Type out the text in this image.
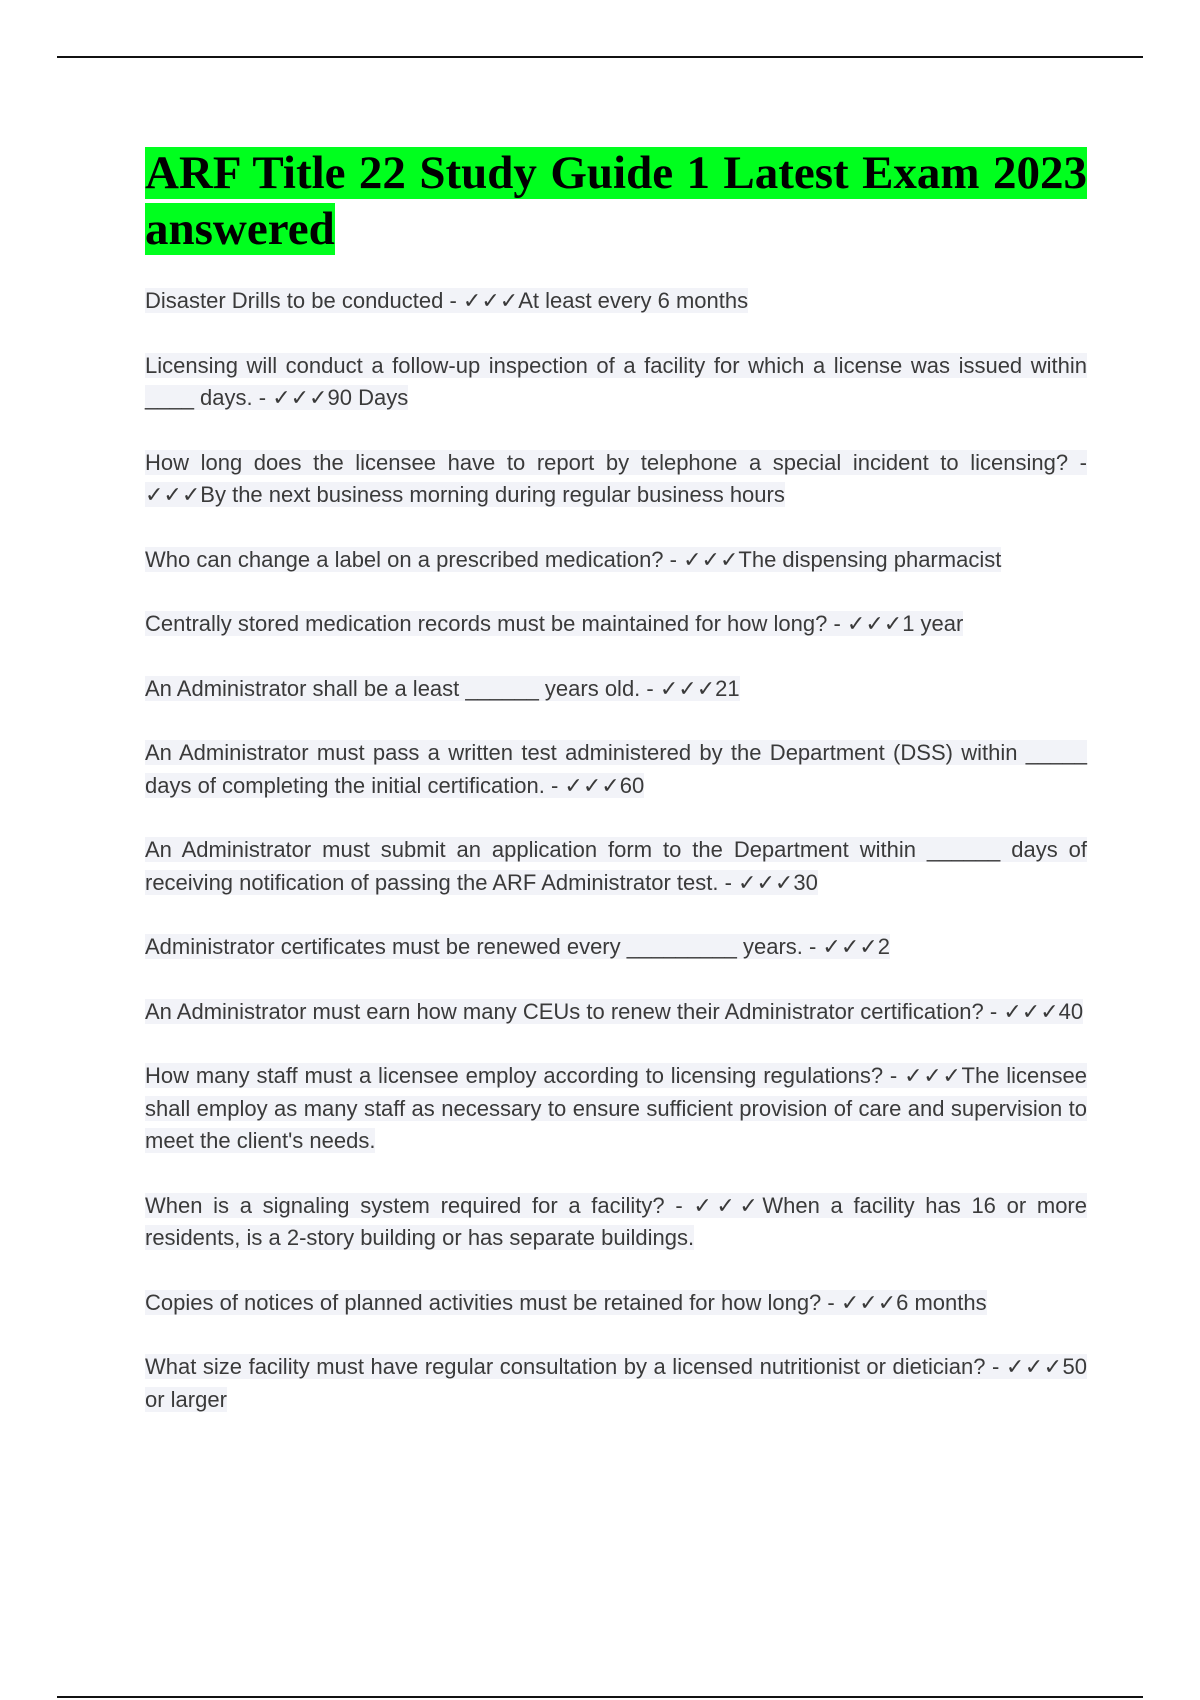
ARF Title 22 Study Guide 1 Latest Exam 2023 answered

Disaster Drills to be conducted - ✓✓✓At least every 6 months

Licensing will conduct a follow-up inspection of a facility for which a license was issued within ____ days. - ✓✓✓90 Days

How long does the licensee have to report by telephone a special incident to licensing? - ✓✓✓By the next business morning during regular business hours

Who can change a label on a prescribed medication? - ✓✓✓The dispensing pharmacist

Centrally stored medication records must be maintained for how long? - ✓✓✓1 year

An Administrator shall be a least ______ years old. - ✓✓✓21

An Administrator must pass a written test administered by the Department (DSS) within _____ days of completing the initial certification. - ✓✓✓60

An Administrator must submit an application form to the Department within ______ days of receiving notification of passing the ARF Administrator test. - ✓✓✓30

Administrator certificates must be renewed every _________ years. - ✓✓✓2

An Administrator must earn how many CEUs to renew their Administrator certification? - ✓✓✓40

How many staff must a licensee employ according to licensing regulations? - ✓✓✓The licensee shall employ as many staff as necessary to ensure sufficient provision of care and supervision to meet the client's needs.

When is a signaling system required for a facility? - ✓✓✓When a facility has 16 or more residents, is a 2-story building or has separate buildings.

Copies of notices of planned activities must be retained for how long? - ✓✓✓6 months

What size facility must have regular consultation by a licensed nutritionist or dietician? - ✓✓✓50 or larger
